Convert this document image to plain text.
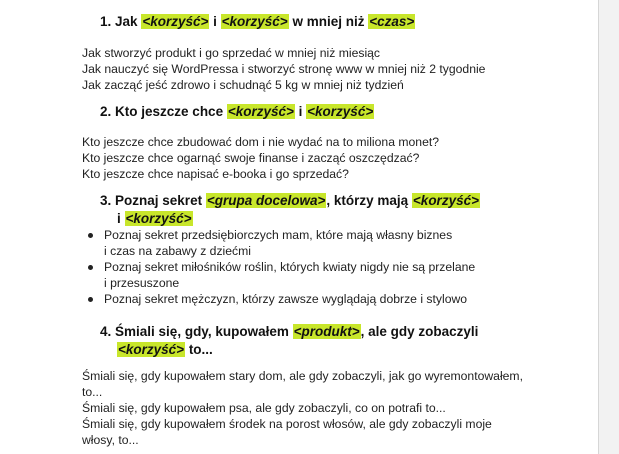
1. Jak <korzyść> i <korzyść> w mniej niż <czas>
Jak stworzyć produkt i go sprzedać w mniej niż miesiąc
Jak nauczyć się WordPressa i stworzyć stronę www w mniej niż 2 tygodnie
Jak zacząć jeść zdrowo i schudnąć 5 kg w mniej niż tydzień
2. Kto jeszcze chce <korzyść> i <korzyść>
Kto jeszcze chce zbudować dom i nie wydać na to miliona monet?
Kto jeszcze chce ogarnąć swoje finanse i zacząć oszczędzać?
Kto jeszcze chce napisać e-booka i go sprzedać?
3. Poznaj sekret <grupa docelowa>, którzy mają <korzyść>
i <korzyść>
Poznaj sekret przedsiębiorczych mam, które mają własny biznes
i czas na zabawy z dziećmi
Poznaj sekret miłośników roślin, których kwiaty nigdy nie są przelane
i przesuszone
Poznaj sekret mężczyzn, którzy zawsze wyglądają dobrze i stylowo
4. Śmiali się, gdy, kupowałem <produkt>, ale gdy zobaczyli
<korzyść> to...
Śmiali się, gdy kupowałem stary dom, ale gdy zobaczyli, jak go wyremontowałem,
to...
Śmiali się, gdy kupowałem psa, ale gdy zobaczyli, co on potrafi to...
Śmiali się, gdy kupowałem środek na porost włosów, ale gdy zobaczyli moje
włosy, to...
